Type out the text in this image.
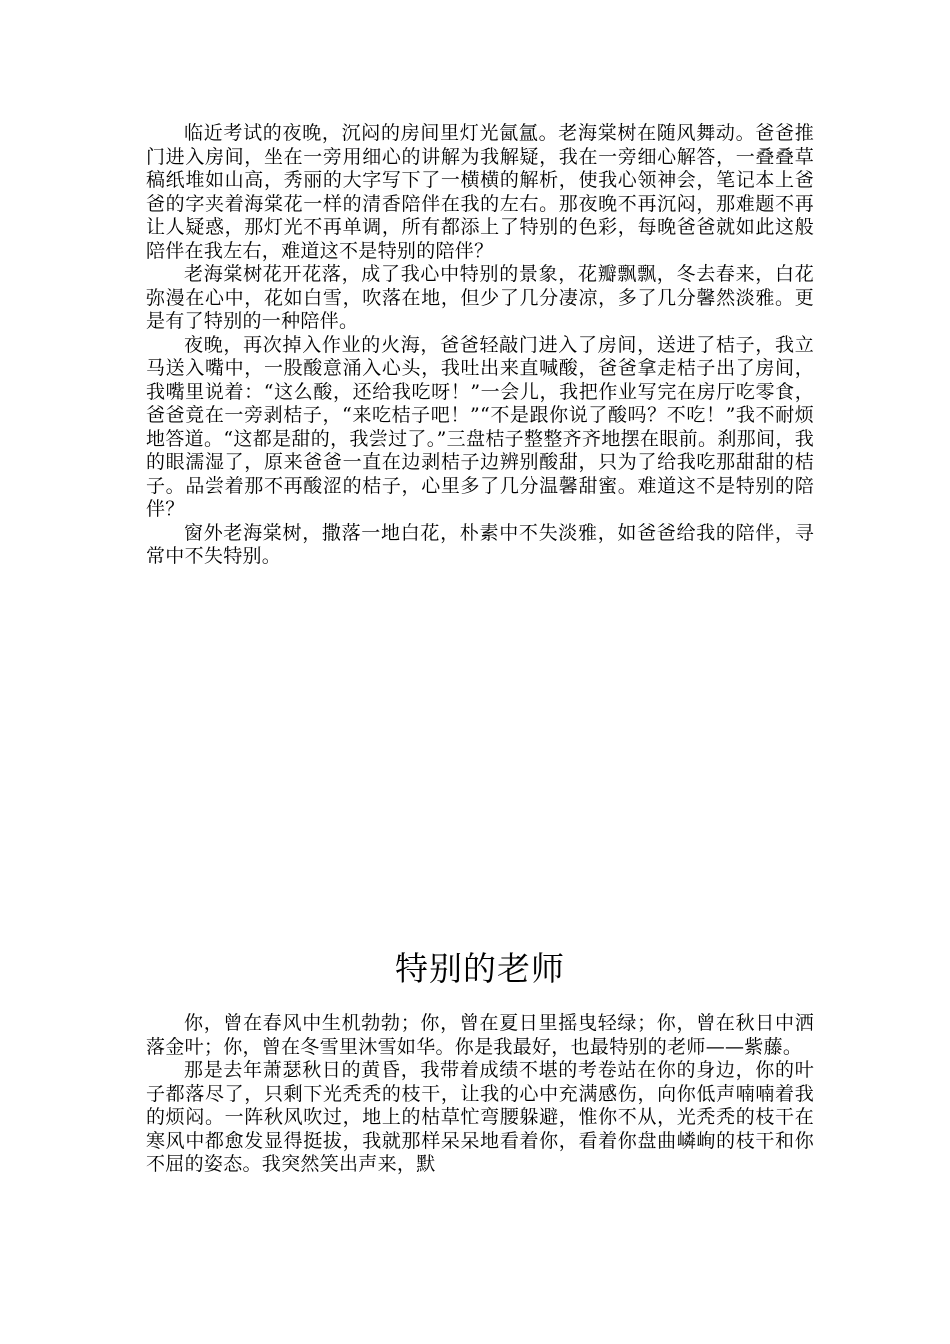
临近考试的夜晚，沉闷的房间里灯光氤氲。老海棠树在随风舞动。爸爸推门进入房间，坐在一旁用细心的讲解为我解疑，我在一旁细心解答，一叠叠草稿纸堆如山高，秀丽的大字写下了一横横的解析，使我心领神会，笔记本上爸爸的字夹着海棠花一样的清香陪伴在我的左右。那夜晚不再沉闷，那难题不再让人疑惑，那灯光不再单调，所有都添上了特别的色彩，每晚爸爸就如此这般陪伴在我左右，难道这不是特别的陪伴？

老海棠树花开花落，成了我心中特别的景象，花瓣飘飘，冬去春来，白花弥漫在心中，花如白雪，吹落在地，但少了几分凄凉，多了几分馨然淡雅。更是有了特别的一种陪伴。

夜晚，再次掉入作业的火海，爸爸轻敲门进入了房间，送进了桔子，我立马送入嘴中，一股酸意涌入心头，我吐出来直喊酸，爸爸拿走桔子出了房间，我嘴里说着：“这么酸，还给我吃呀！”一会儿，我把作业写完在房厅吃零食，爸爸竟在一旁剥桔子，“来吃桔子吧！”“不是跟你说了酸吗？不吃！”我不耐烦地答道。“这都是甜的，我尝过了。”三盘桔子整整齐齐地摆在眼前。刹那间，我的眼濡湿了，原来爸爸一直在边剥桔子边辨别酸甜，只为了给我吃那甜甜的桔子。品尝着那不再酸涩的桔子，心里多了几分温馨甜蜜。难道这不是特别的陪伴？

窗外老海棠树，撒落一地白花，朴素中不失淡雅，如爸爸给我的陪伴，寻常中不失特别。

特别的老师

你，曾在春风中生机勃勃；你，曾在夏日里摇曳轻绿；你，曾在秋日中洒落金叶；你，曾在冬雪里沐雪如华。你是我最好，也最特别的老师——紫藤。

那是去年萧瑟秋日的黄昏，我带着成绩不堪的考卷站在你的身边，你的叶子都落尽了，只剩下光秃秃的枝干，让我的心中充满感伤，向你低声喃喃着我的烦闷。一阵秋风吹过，地上的枯草忙弯腰躲避，惟你不从，光秃秃的枝干在寒风中都愈发显得挺拔，我就那样呆呆地看着你，看着你盘曲嶙峋的枝干和你不屈的姿态。我突然笑出声来，默
